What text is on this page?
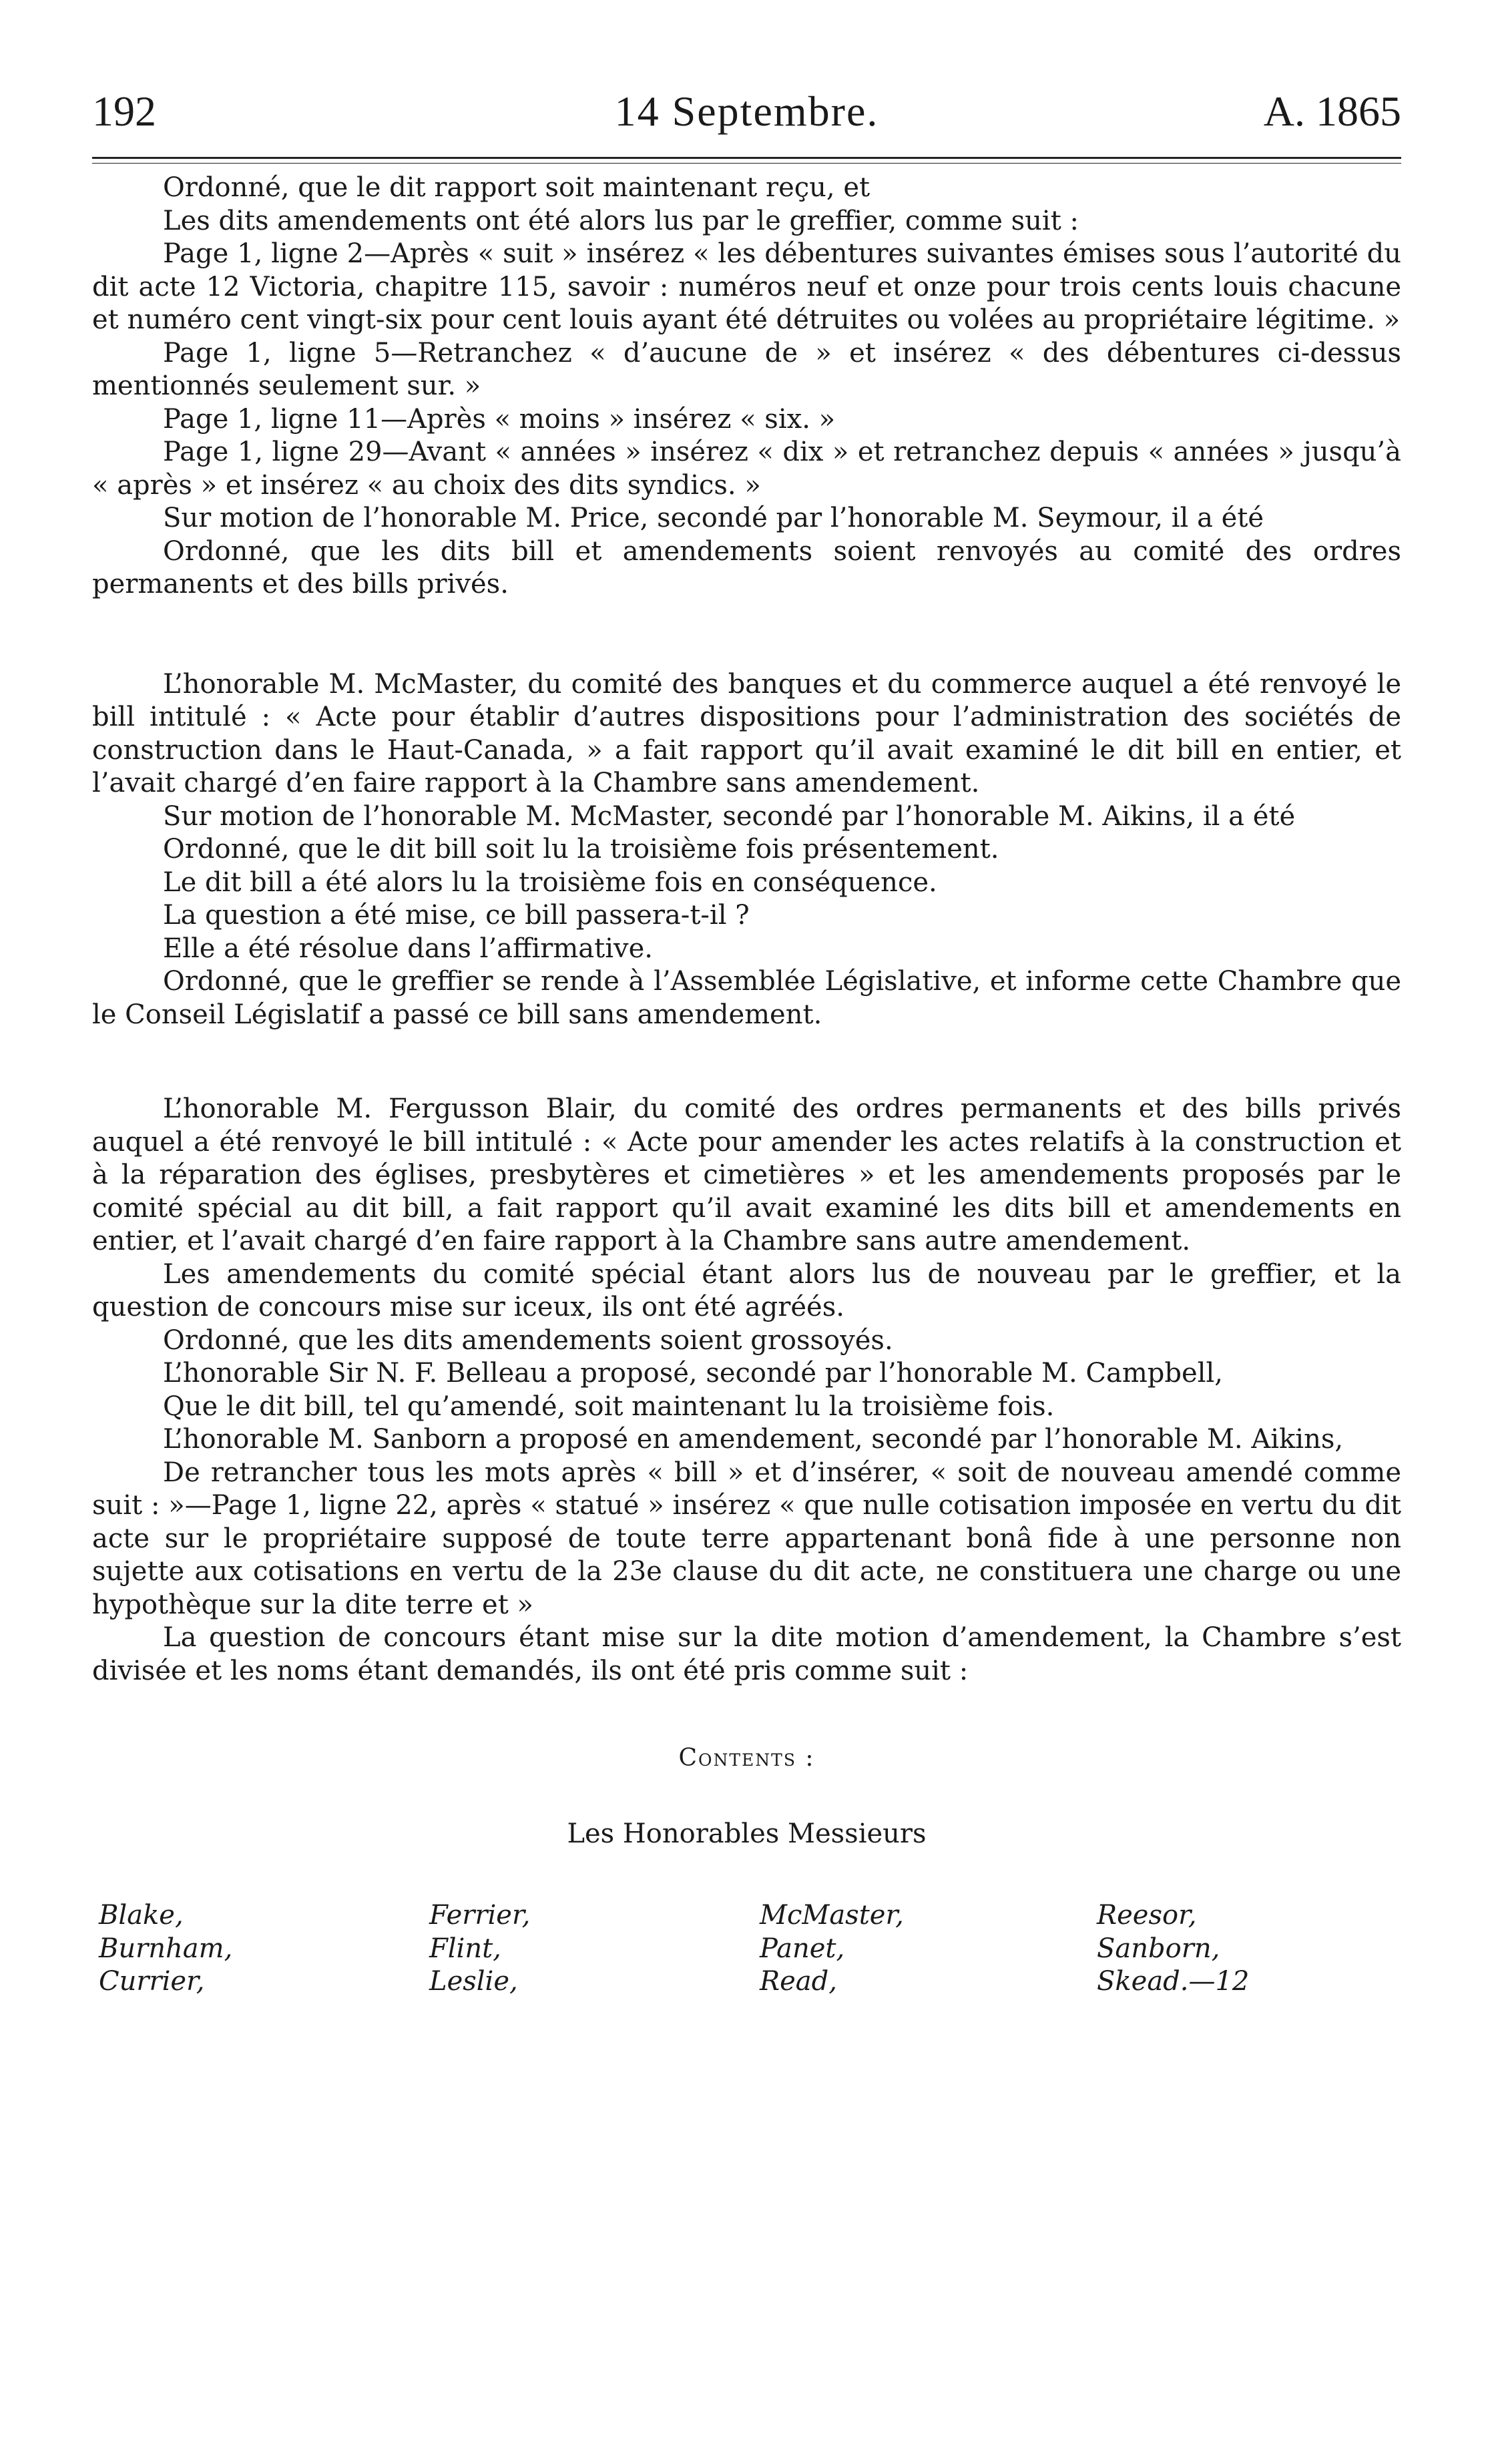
192	14 Septembre.	A. 1865

Ordonné, que le dit rapport soit maintenant reçu, et

Les dits amendements ont été alors lus par le greffier, comme suit :

Page 1, ligne 2—Après « suit » insérez « les débentures suivantes émises sous l’autorité du dit acte 12 Victoria, chapitre 115, savoir : numéros neuf et onze pour trois cents louis chacune et numéro cent vingt-six pour cent louis ayant été détruites ou volées au propriétaire légitime. »

Page 1, ligne 5—Retranchez « d’aucune de » et insérez « des débentures ci-dessus mentionnés seulement sur. »

Page 1, ligne 11—Après « moins » insérez « six. »

Page 1, ligne 29—Avant « années » insérez « dix » et retranchez depuis « années » jusqu’à « après » et insérez « au choix des dits syndics. »

Sur motion de l’honorable M. Price, secondé par l’honorable M. Seymour, il a été

Ordonné, que les dits bill et amendements soient renvoyés au comité des ordres permanents et des bills privés.

L’honorable M. McMaster, du comité des banques et du commerce auquel a été renvoyé le bill intitulé : « Acte pour établir d’autres dispositions pour l’administration des sociétés de construction dans le Haut-Canada, » a fait rapport qu’il avait examiné le dit bill en entier, et l’avait chargé d’en faire rapport à la Chambre sans amendement.

Sur motion de l’honorable M. McMaster, secondé par l’honorable M. Aikins, il a été

Ordonné, que le dit bill soit lu la troisième fois présentement.

Le dit bill a été alors lu la troisième fois en conséquence.

La question a été mise, ce bill passera-t-il ?

Elle a été résolue dans l’affirmative.

Ordonné, que le greffier se rende à l’Assemblée Législative, et informe cette Chambre que le Conseil Législatif a passé ce bill sans amendement.

L’honorable M. Fergusson Blair, du comité des ordres permanents et des bills privés auquel a été renvoyé le bill intitulé : « Acte pour amender les actes relatifs à la construction et à la réparation des églises, presbytères et cimetières » et les amendements proposés par le comité spécial au dit bill, a fait rapport qu’il avait examiné les dits bill et amendements en entier, et l’avait chargé d’en faire rapport à la Chambre sans autre amendement.

Les amendements du comité spécial étant alors lus de nouveau par le greffier, et la question de concours mise sur iceux, ils ont été agréés.

Ordonné, que les dits amendements soient grossoyés.

L’honorable Sir N. F. Belleau a proposé, secondé par l’honorable M. Campbell,

Que le dit bill, tel qu’amendé, soit maintenant lu la troisième fois.

L’honorable M. Sanborn a proposé en amendement, secondé par l’honorable M. Aikins,

De retrancher tous les mots après « bill » et d’insérer, « soit de nouveau amendé comme suit : »—Page 1, ligne 22, après « statué » insérez « que nulle cotisation imposée en vertu du dit acte sur le propriétaire supposé de toute terre appartenant bonâ fide à une personne non sujette aux cotisations en vertu de la 23e clause du dit acte, ne constituera une charge ou une hypothèque sur la dite terre et »

La question de concours étant mise sur la dite motion d’amendement, la Chambre s’est divisée et les noms étant demandés, ils ont été pris comme suit :

Contents :
Les Honorables Messieurs
Blake,	Ferrier,	McMaster,	Reesor,
Burnham,	Flint,	Panet,	Sanborn,
Currier,	Leslie,	Read,	Skead.—12
